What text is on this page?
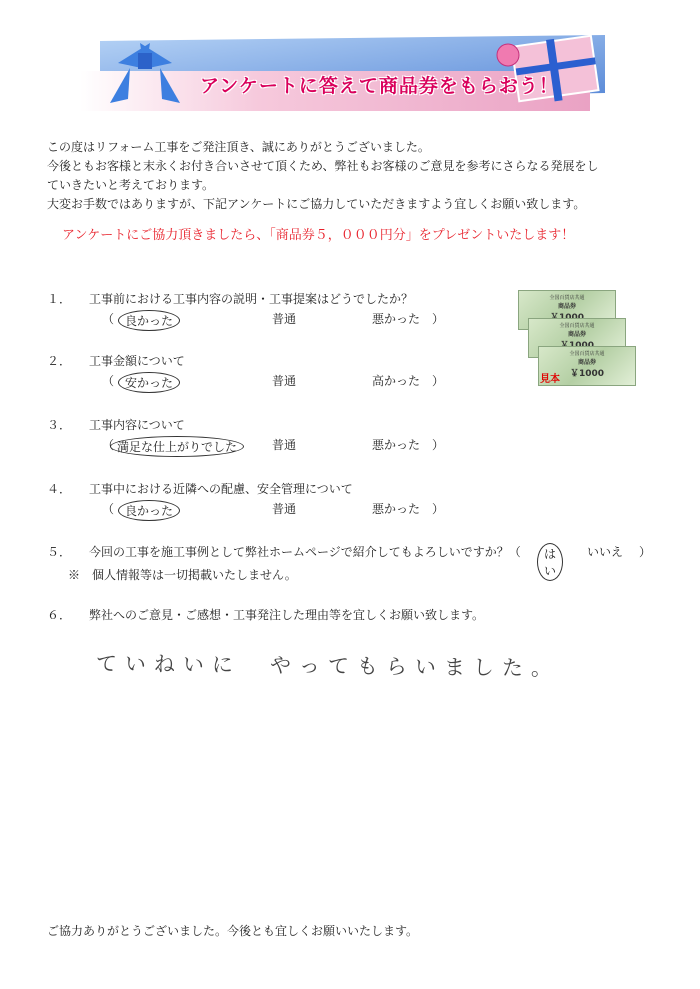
アンケートに答えて商品券をもらおう！

この度はリフォーム工事をご発注頂き、誠にありがとうございました。

今後ともお客様と末永くお付き合いさせて頂くため、弊社もお客様のご意見を参考にさらなる発展をし

ていきたいと考えております。

大変お手数ではありますが、下記アンケートにご協力していただきますよう宜しくお願い致します。

アンケートにご協力頂きましたら、「商品券５，０００円分」をプレゼントいたします！
全国百貨店共通
商品券
全国百貨店共通
商品券
全国百貨店共通
商品券
￥1000
見本
１． 工事前における工事内容の説明・工事提案はどうでしたか？
（ 良かった	普通	悪かった ）
２． 工事金額について
（ 安かった	普通	高かった ）
３． 工事内容について
（ 満足な仕上がりでした	普通	悪かった ）
４． 工事中における近隣への配慮、安全管理について
（ 良かった	普通	悪かった ）
５． 今回の工事を施工事例として弊社ホームページで紹介してもよろしいですか？（	はい
いいえ ）
※　個人情報等は一切掲載いたしません。
６． 弊社へのご意見・ご感想・工事発注した理由等を宜しくお願い致します。
ていねいに　やってもらいました。
ご協力ありがとうございました。今後とも宜しくお願いいたします。
